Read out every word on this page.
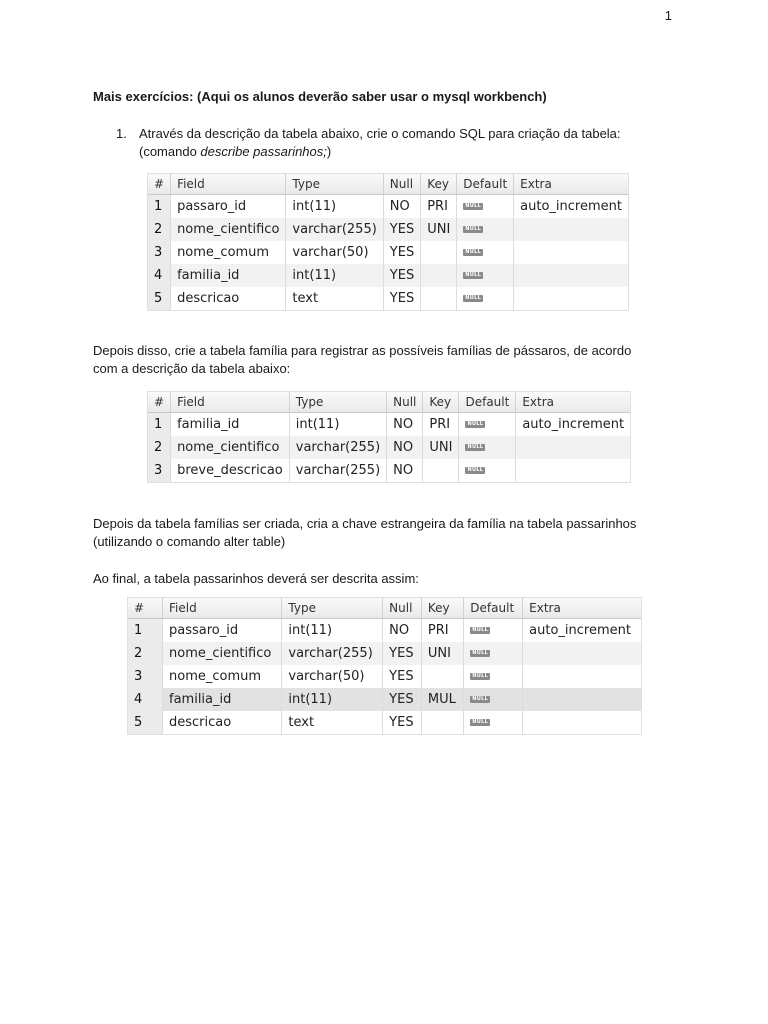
1
Mais exercícios: (Aqui os alunos deverão saber usar o mysql workbench)
1. Através da descrição da tabela abaixo, crie o comando SQL para criação da tabela:
(comando describe passarinhos;)
#	Field	Type	Null	Key	Default	Extra
1	passaro_id	int(11)	NO	PRI	NULL	auto_increment
2	nome_cientifico	varchar(255)	YES	UNI	NULL	
3	nome_comum	varchar(50)	YES		NULL	
4	familia_id	int(11)	YES		NULL	
5	descricao	text	YES		NULL	
Depois disso, crie a tabela família para registrar as possíveis famílias de pássaros, de acordo com a descrição da tabela abaixo:
#	Field	Type	Null	Key	Default	Extra
1	familia_id	int(11)	NO	PRI	NULL	auto_increment
2	nome_cientifico	varchar(255)	NO	UNI	NULL	
3	breve_descricao	varchar(255)	NO		NULL	
Depois da tabela famílias ser criada, cria a chave estrangeira da família na tabela passarinhos (utilizando o comando alter table)
Ao final, a tabela passarinhos deverá ser descrita assim:
#	Field	Type	Null	Key	Default	Extra
1	passaro_id	int(11)	NO	PRI	NULL	auto_increment
2	nome_cientifico	varchar(255)	YES	UNI	NULL	
3	nome_comum	varchar(50)	YES		NULL	
4	familia_id	int(11)	YES	MUL	NULL	
5	descricao	text	YES		NULL	
